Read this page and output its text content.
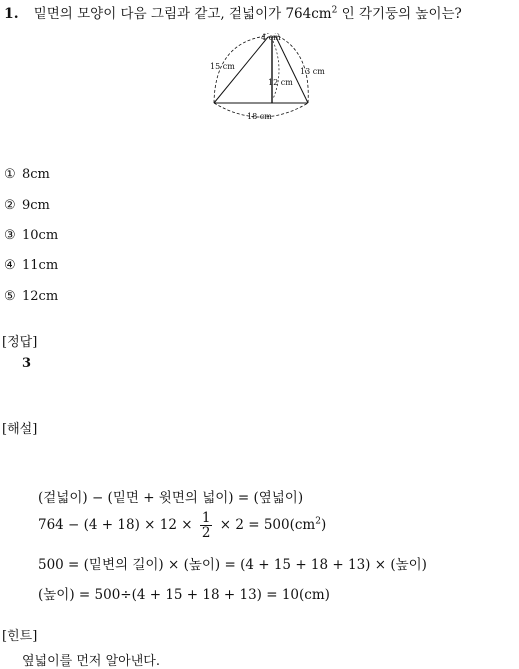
1. 밑면의 모양이 다음 그림과 같고, 겉넓이가 $764cm^2$ 인 각기둥의 높이는?
4 cm
15 cm
13 cm
12 cm
18 cm
① 8cm
② 9cm
③ 10cm
④ 11cm
⑤ 12cm
[정답]
3
[해설]
(겉넓이) − (밑면 + 윗면의 넓이) = (옆넓이)
$764 - (4 + 18) \times 12 \times \frac{1}{2} \times 2 = 500(cm^2)$
500 = (밑변의 길이) × (높이) = (4 + 15 + 18 + 13) × (높이)
(높이) = 500÷(4 + 15 + 18 + 13) = 10(cm)
[힌트]
옆넓이를 먼저 알아낸다.
